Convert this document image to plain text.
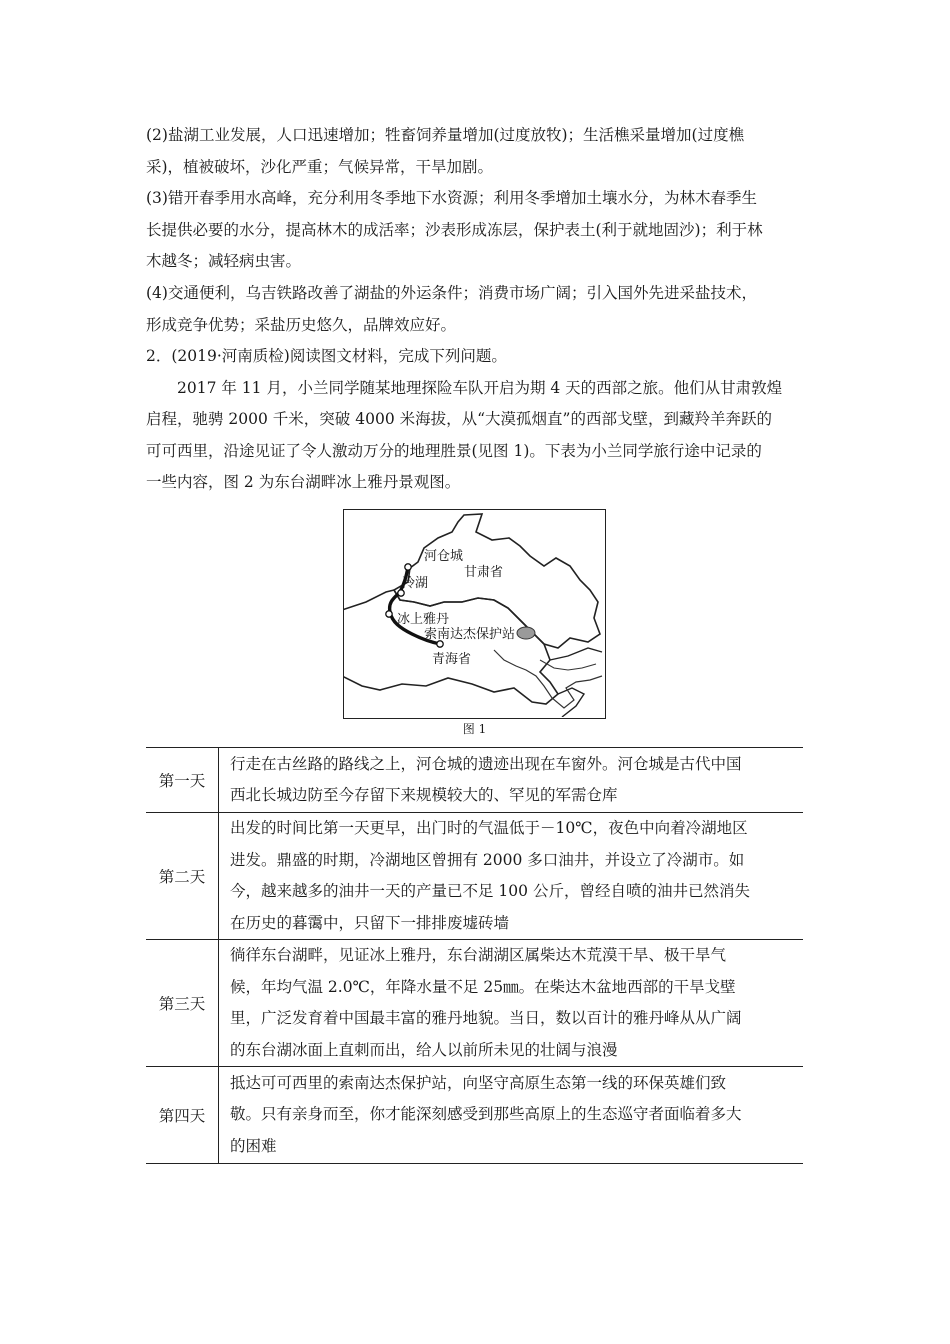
(2)盐湖工业发展，人口迅速增加；牲畜饲养量增加(过度放牧)；生活樵采量增加(过度樵
采)，植被破坏，沙化严重；气候异常，干旱加剧。
(3)错开春季用水高峰，充分利用冬季地下水资源；利用冬季增加土壤水分，为林木春季生
长提供必要的水分，提高林木的成活率；沙表形成冻层，保护表土(利于就地固沙)；利于林
木越冬；减轻病虫害。
(4)交通便利，乌吉铁路改善了湖盐的外运条件；消费市场广阔；引入国外先进采盐技术，
形成竞争优势；采盐历史悠久，品牌效应好。
2．(2019·河南质检)阅读图文材料，完成下列问题。
　　2017 年 11 月，小兰同学随某地理探险车队开启为期 4 天的西部之旅。他们从甘肃敦煌
启程，驰骋 2000 千米，突破 4000 米海拔，从“大漠孤烟直”的西部戈壁，到藏羚羊奔跃的
可可西里，沿途见证了令人激动万分的地理胜景(见图 1)。下表为小兰同学旅行途中记录的
一些内容，图 2 为东台湖畔冰上雅丹景观图。
河仓城
甘肃省
冷湖
冰上雅丹
索南达杰保护站
青海省
图 1
第一天	行走在古丝路的路线之上，河仓城的遗迹出现在车窗外。河仓城是古代中国
西北长城边防至今存留下来规模较大的、罕见的军需仓库

第二天	出发的时间比第一天更早，出门时的气温低于－10℃，夜色中向着冷湖地区
进发。鼎盛的时期，冷湖地区曾拥有 2000 多口油井，并设立了冷湖市。如
今，越来越多的油井一天的产量已不足 100 公斤，曾经自喷的油井已然消失
在历史的暮霭中，只留下一排排废墟砖墙

第三天	徜徉东台湖畔，见证冰上雅丹，东台湖湖区属柴达木荒漠干旱、极干旱气
候，年均气温 2.0℃，年降水量不足 25㎜。在柴达木盆地西部的干旱戈壁
里，广泛发育着中国最丰富的雅丹地貌。当日，数以百计的雅丹峰从从广阔
的东台湖冰面上直刺而出，给人以前所未见的壮阔与浪漫

第四天	抵达可可西里的索南达杰保护站，向坚守高原生态第一线的环保英雄们致
敬。只有亲身而至，你才能深刻感受到那些高原上的生态巡守者面临着多大
的困难
